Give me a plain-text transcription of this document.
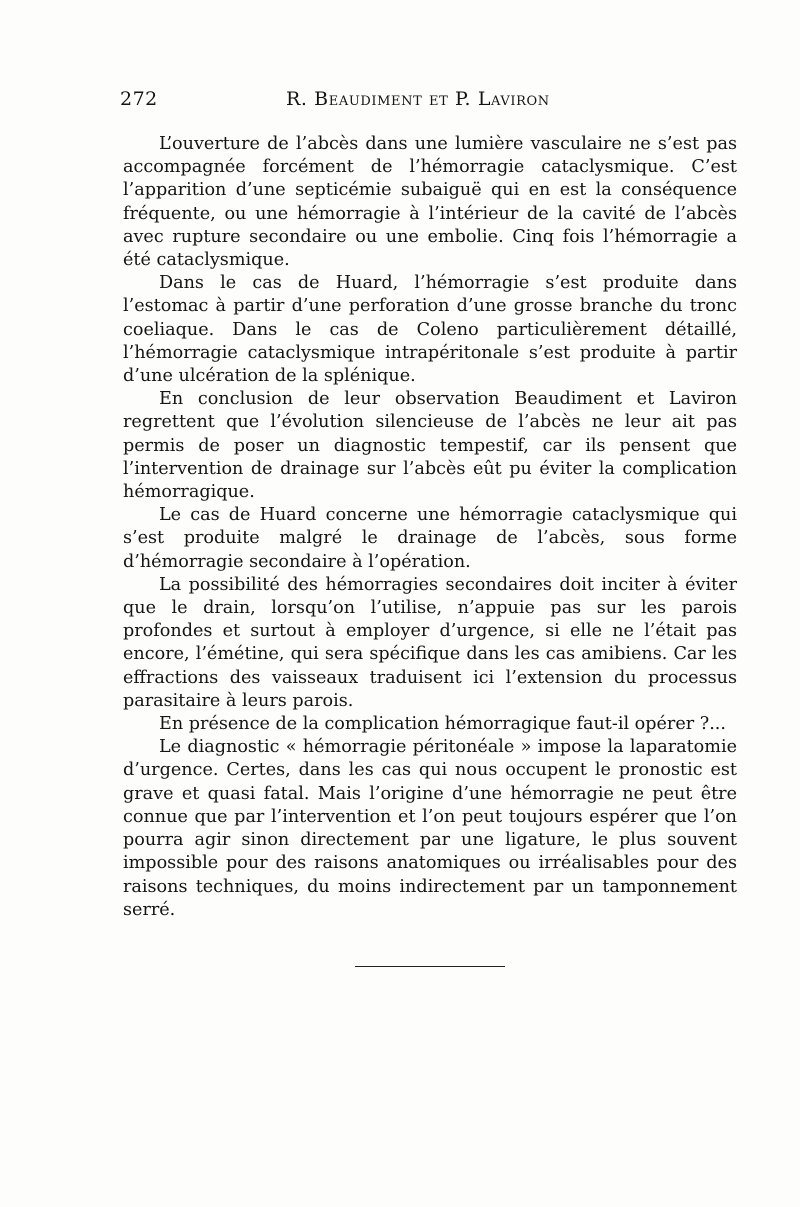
272	R. Beaudiment et P. Laviron

L’ouverture de l’abcès dans une lumière vasculaire ne s’est pas accompagnée forcément de l’hémorragie cataclysmique. C’est l’apparition d’une septicémie subaiguë qui en est la conséquence fréquente, ou une hémorragie à l’intérieur de la cavité de l’abcès avec rupture secondaire ou une embolie. Cinq fois l’hémorragie a été cataclysmique.

Dans le cas de Huard, l’hémorragie s’est produite dans l’estomac à partir d’une perforation d’une grosse branche du tronc coeliaque. Dans le cas de Coleno particulièrement détaillé, l’hémorragie cataclysmique intrapéritonale s’est produite à partir d’une ulcération de la splénique.

En conclusion de leur observation Beaudiment et Laviron regrettent que l’évolution silencieuse de l’abcès ne leur ait pas permis de poser un diagnostic tempestif, car ils pensent que l’intervention de drainage sur l’abcès eût pu éviter la complication hémorragique.

Le cas de Huard concerne une hémorragie cataclysmique qui s’est produite malgré le drainage de l’abcès, sous forme d’hémorragie secondaire à l’opération.

La possibilité des hémorragies secondaires doit inciter à éviter que le drain, lorsqu’on l’utilise, n’appuie pas sur les parois profondes et surtout à employer d’urgence, si elle ne l’était pas encore, l’émétine, qui sera spécifique dans les cas amibiens. Car les effractions des vaisseaux traduisent ici l’extension du processus parasitaire à leurs parois.

En présence de la complication hémorragique faut-il opérer ?...

Le diagnostic « hémorragie péritonéale » impose la laparatomie d’urgence. Certes, dans les cas qui nous occupent le pronostic est grave et quasi fatal. Mais l’origine d’une hémorragie ne peut être connue que par l’intervention et l’on peut toujours espérer que l’on pourra agir sinon directement par une ligature, le plus souvent impossible pour des raisons anatomiques ou irréalisables pour des raisons techniques, du moins indirectement par un tamponnement serré.
